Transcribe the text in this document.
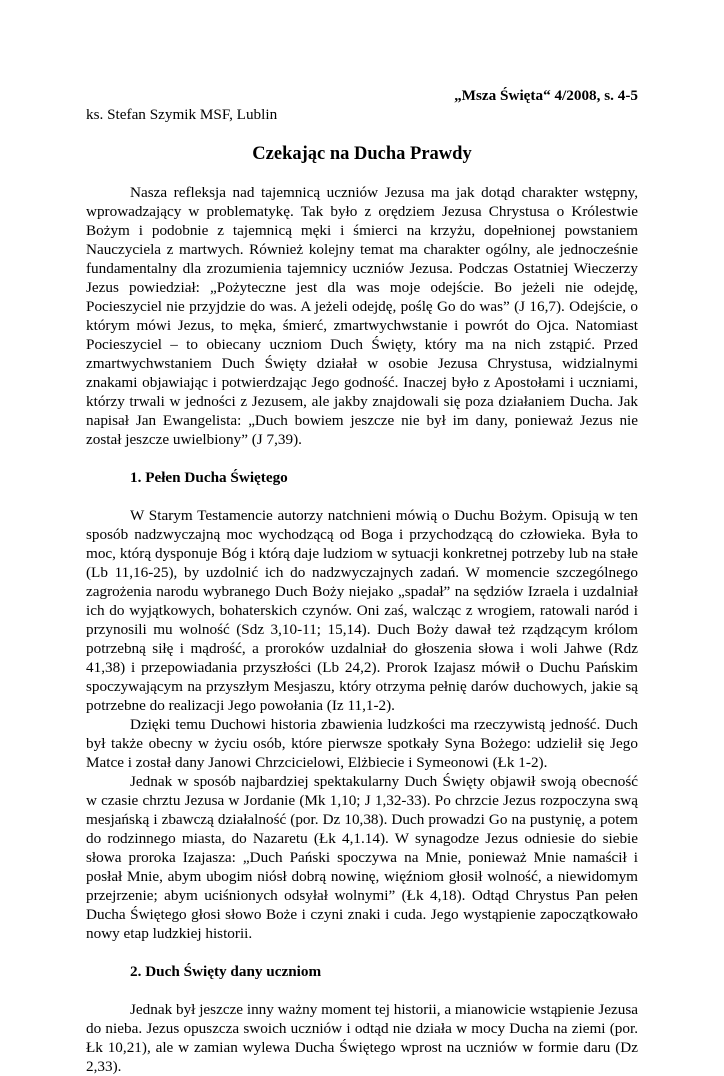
„Msza Święta“ 4/2008, s. 4-5

ks. Stefan Szymik MSF, Lublin

Czekając na Ducha Prawdy

Nasza refleksja nad tajemnicą uczniów Jezusa ma jak dotąd charakter wstępny, wprowadzający w problematykę. Tak było z orędziem Jezusa Chrystusa o Królestwie Bożym i podobnie z tajemnicą męki i śmierci na krzyżu, dopełnionej powstaniem Nauczyciela z martwych. Również kolejny temat ma charakter ogólny, ale jednocześnie fundamentalny dla zrozumienia tajemnicy uczniów Jezusa. Podczas Ostatniej Wieczerzy Jezus powiedział: „Pożyteczne jest dla was moje odejście. Bo jeżeli nie odejdę, Pocieszyciel nie przyjdzie do was. A jeżeli odejdę, poślę Go do was” (J 16,7). Odejście, o którym mówi Jezus, to męka, śmierć, zmartwychwstanie i powrót do Ojca. Natomiast Pocieszyciel – to obiecany uczniom Duch Święty, który ma na nich zstąpić. Przed zmartwychwstaniem Duch Święty działał w osobie Jezusa Chrystusa, widzialnymi znakami objawiając i potwierdzając Jego godność. Inaczej było z Apostołami i uczniami, którzy trwali w jedności z Jezusem, ale jakby znajdowali się poza działaniem Ducha. Jak napisał Jan Ewangelista: „Duch bowiem jeszcze nie był im dany, ponieważ Jezus nie został jeszcze uwielbiony” (J 7,39).

1. Pełen Ducha Świętego

W Starym Testamencie autorzy natchnieni mówią o Duchu Bożym. Opisują w ten sposób nadzwyczajną moc wychodzącą od Boga i przychodzącą do człowieka. Była to moc, którą dysponuje Bóg i którą daje ludziom w sytuacji konkretnej potrzeby lub na stałe (Lb 11,16-25), by uzdolnić ich do nadzwyczajnych zadań. W momencie szczególnego zagrożenia narodu wybranego Duch Boży niejako „spadał” na sędziów Izraela i uzdalniał ich do wyjątkowych, bohaterskich czynów. Oni zaś, walcząc z wrogiem, ratowali naród i przynosili mu wolność (Sdz 3,10-11; 15,14). Duch Boży dawał też rządzącym królom potrzebną siłę i mądrość, a proroków uzdalniał do głoszenia słowa i woli Jahwe (Rdz 41,38) i przepowiadania przyszłości (Lb 24,2). Prorok Izajasz mówił o Duchu Pańskim spoczywającym na przyszłym Mesjaszu, który otrzyma pełnię darów duchowych, jakie są potrzebne do realizacji Jego powołania (Iz 11,1-2).

Dzięki temu Duchowi historia zbawienia ludzkości ma rzeczywistą jedność. Duch był także obecny w życiu osób, które pierwsze spotkały Syna Bożego: udzielił się Jego Matce i został dany Janowi Chrzcicielowi, Elżbiecie i Symeonowi (Łk 1-2).

Jednak w sposób najbardziej spektakularny Duch Święty objawił swoją obecność w czasie chrztu Jezusa w Jordanie (Mk 1,10; J 1,32-33). Po chrzcie Jezus rozpoczyna swą mesjańską i zbawczą działalność (por. Dz 10,38). Duch prowadzi Go na pustynię, a potem do rodzinnego miasta, do Nazaretu (Łk 4,1.14). W synagodze Jezus odniesie do siebie słowa proroka Izajasza: „Duch Pański spoczywa na Mnie, ponieważ Mnie namaścił i posłał Mnie, abym ubogim niósł dobrą nowinę, więźniom głosił wolność, a niewidomym przejrzenie; abym uciśnionych odsyłał wolnymi” (Łk 4,18). Odtąd Chrystus Pan pełen Ducha Świętego głosi słowo Boże i czyni znaki i cuda. Jego wystąpienie zapoczątkowało nowy etap ludzkiej historii.

2. Duch Święty dany uczniom

Jednak był jeszcze inny ważny moment tej historii, a mianowicie wstąpienie Jezusa do nieba. Jezus opuszcza swoich uczniów i odtąd nie działa w mocy Ducha na ziemi (por. Łk 10,21), ale w zamian wylewa Ducha Świętego wprost na uczniów w formie daru (Dz 2,33).
